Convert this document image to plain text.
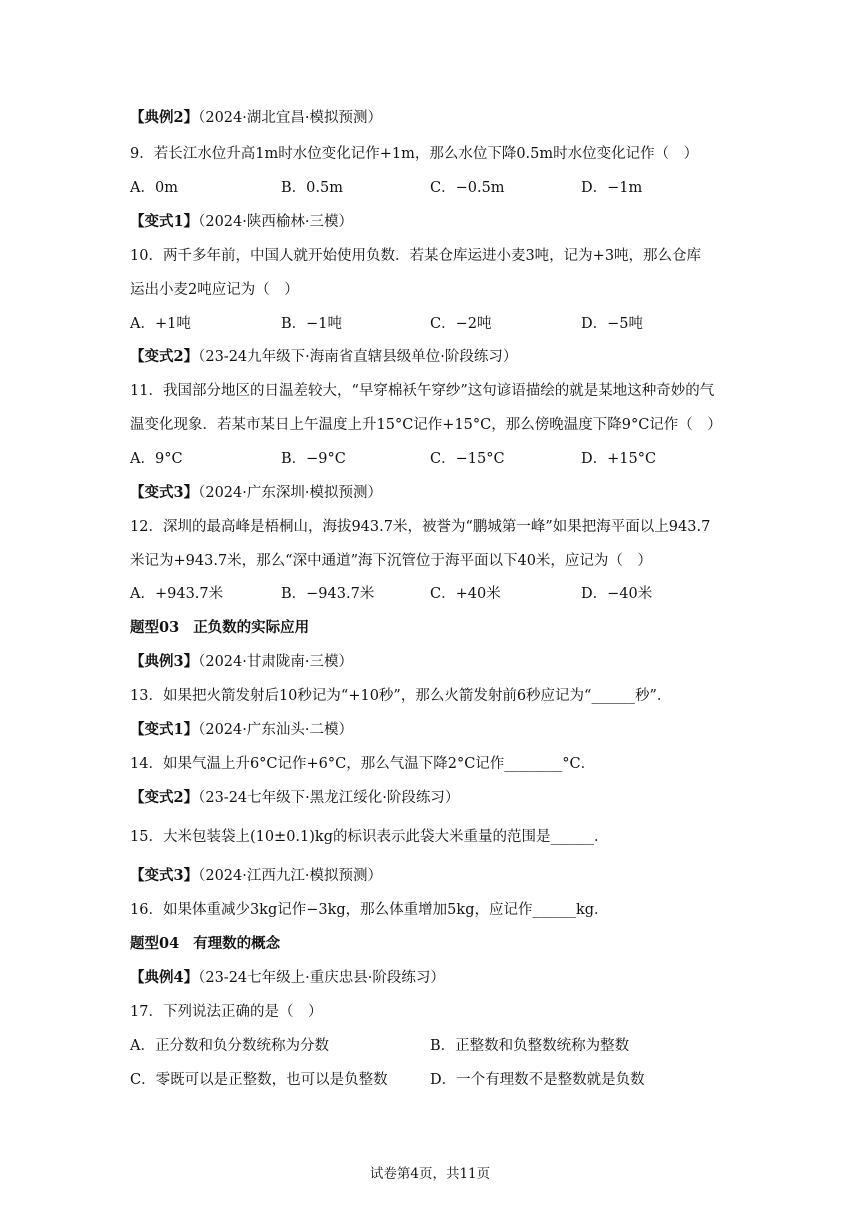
【典例2】（2024·湖北宜昌·模拟预测）
9．若长江水位升高1m时水位变化记作+1m，那么水位下降0.5m时水位变化记作（　）
A．0m	B．0.5m	C．−0.5m	D．−1m
【变式1】（2024·陕西榆林·三模）
10．两千多年前，中国人就开始使用负数．若某仓库运进小麦3吨，记为+3吨，那么仓库
运出小麦2吨应记为（　）
A．+1吨	B．−1吨	C．−2吨	D．−5吨
【变式2】（23-24九年级下·海南省直辖县级单位·阶段练习）
11．我国部分地区的日温差较大，“早穿棉袄午穿纱”这句谚语描绘的就是某地这种奇妙的气
温变化现象．若某市某日上午温度上升15°C记作+15°C，那么傍晚温度下降9°C记作（　）
A．9°C	B．−9°C	C．−15°C	D．+15°C
【变式3】（2024·广东深圳·模拟预测）
12．深圳的最高峰是梧桐山，海拔943.7米，被誉为“鹏城第一峰”如果把海平面以上943.7
米记为+943.7米，那么“深中通道”海下沉管位于海平面以下40米，应记为（　）
A．+943.7米	B．−943.7米	C．+40米	D．−40米
题型03 正负数的实际应用
【典例3】（2024·甘肃陇南·三模）
13．如果把火箭发射后10秒记为“+10秒”，那么火箭发射前6秒应记为“______秒”．
【变式1】（2024·广东汕头·二模）
14．如果气温上升6°C记作+6°C，那么气温下降2°C记作________°C．
【变式2】（23-24七年级下·黑龙江绥化·阶段练习）
15．大米包装袋上(10±0.1)kg的标识表示此袋大米重量的范围是______．
【变式3】（2024·江西九江·模拟预测）
16．如果体重减少3kg记作−3kg，那么体重增加5kg，应记作______kg．
题型04 有理数的概念
【典例4】（23-24七年级上·重庆忠县·阶段练习）
17．下列说法正确的是（　）
A．正分数和负分数统称为分数	B．正整数和负整数统称为整数
C．零既可以是正整数，也可以是负整数	D．一个有理数不是整数就是负数
试卷第4页，共11页
